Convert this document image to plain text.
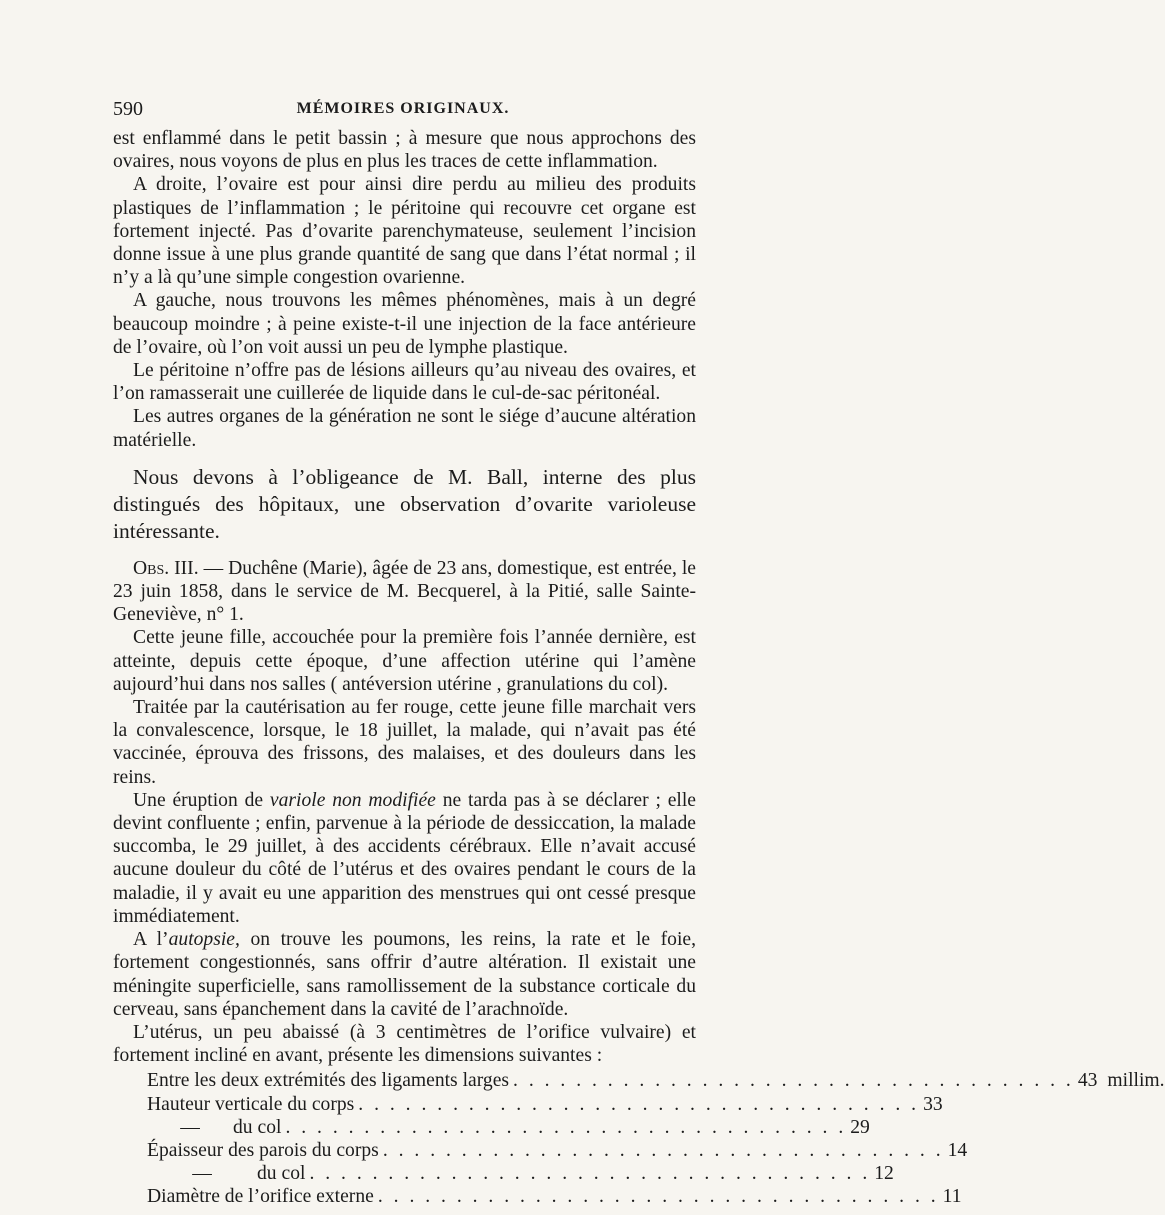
590	MÉMOIRES ORIGINAUX.

est enflammé dans le petit bassin ; à mesure que nous approchons des ovaires, nous voyons de plus en plus les traces de cette inflammation.

A droite, l’ovaire est pour ainsi dire perdu au milieu des produits plastiques de l’inflammation ; le péritoine qui recouvre cet organe est fortement injecté. Pas d’ovarite parenchymateuse, seulement l’incision donne issue à une plus grande quantité de sang que dans l’état normal ; il n’y a là qu’une simple congestion ovarienne.

A gauche, nous trouvons les mêmes phénomènes, mais à un degré beaucoup moindre ; à peine existe-t-il une injection de la face antérieure de l’ovaire, où l’on voit aussi un peu de lymphe plastique.

Le péritoine n’offre pas de lésions ailleurs qu’au niveau des ovaires, et l’on ramasserait une cuillerée de liquide dans le cul-de-sac péritonéal.

Les autres organes de la génération ne sont le siége d’aucune altération matérielle.

Nous devons à l’obligeance de M. Ball, interne des plus distingués des hôpitaux, une observation d’ovarite varioleuse intéressante.

Obs. III. — Duchêne (Marie), âgée de 23 ans, domestique, est entrée, le 23 juin 1858, dans le service de M. Becquerel, à la Pitié, salle Sainte-Geneviève, n° 1.

Cette jeune fille, accouchée pour la première fois l’année dernière, est atteinte, depuis cette époque, d’une affection utérine qui l’amène aujourd’hui dans nos salles ( antéversion utérine , granulations du col).

Traitée par la cautérisation au fer rouge, cette jeune fille marchait vers la convalescence, lorsque, le 18 juillet, la malade, qui n’avait pas été vaccinée, éprouva des frissons, des malaises, et des douleurs dans les reins.

Une éruption de variole non modifiée ne tarda pas à se déclarer ; elle devint confluente ; enfin, parvenue à la période de dessiccation, la malade succomba, le 29 juillet, à des accidents cérébraux. Elle n’avait accusé aucune douleur du côté de l’utérus et des ovaires pendant le cours de la maladie, il y avait eu une apparition des menstrues qui ont cessé presque immédiatement.

A l’autopsie, on trouve les poumons, les reins, la rate et le foie, fortement congestionnés, sans offrir d’autre altération. Il existait une méningite superficielle, sans ramollissement de la substance corticale du cerveau, sans épanchement dans la cavité de l’arachnoïde.

L’utérus, un peu abaissé (à 3 centimètres de l’orifice vulvaire) et fortement incliné en avant, présente les dimensions suivantes :

Entre les deux extrémités des ligaments larges . . . . . . . . . . . . . . . . . . . . . . . . . . . . . . . . . . . . 43 millim.
Hauteur verticale du corps . . . . . . . . . . . . . . . . . . . . . . . . . . . . . . . . . . . . 33
— du col . . . . . . . . . . . . . . . . . . . . . . . . . . . . . . . . . . . . 29
Épaisseur des parois du corps . . . . . . . . . . . . . . . . . . . . . . . . . . . . . . . . . . . . 14
— du col . . . . . . . . . . . . . . . . . . . . . . . . . . . . . . . . . . . . 12
Diamètre de l’orifice externe . . . . . . . . . . . . . . . . . . . . . . . . . . . . . . . . . . . . 11
